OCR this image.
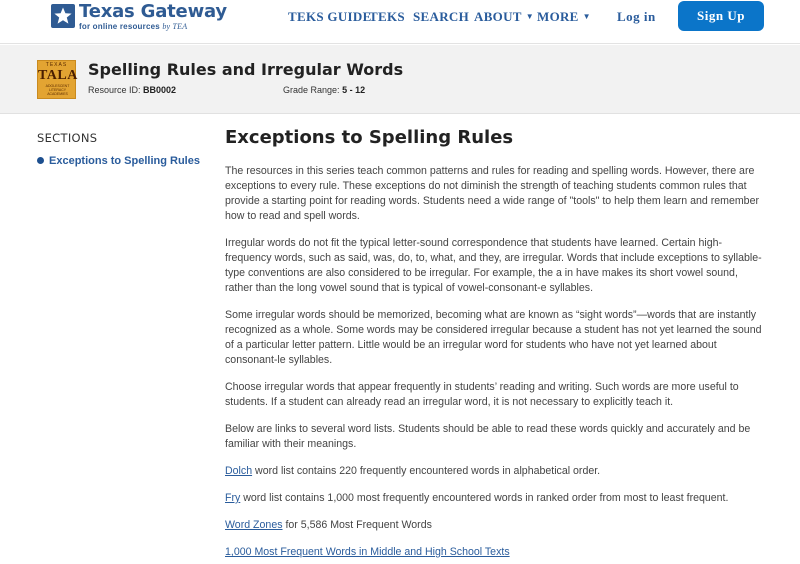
Texas Gateway
for online resources by TEA
TEKS GUIDE
TEKS SEARCH ABOUT ▼ MORE ▼ Log in	Sign Up
TEXAS
TALA
ADOLESCENT LITERACY ACADEMIES
Spelling Rules and Irregular Words
Resource ID: BB0002	Grade Range: 5 - 12
SECTIONS
Exceptions to Spelling Rules
Exceptions to Spelling Rules
The resources in this series teach common patterns and rules for reading and spelling words. However, there are exceptions to every rule. These exceptions do not diminish the strength of teaching students common rules that provide a starting point for reading words. Students need a wide range of "tools" to help them learn and remember how to read and spell words.
Irregular words do not fit the typical letter-sound correspondence that students have learned. Certain high-frequency words, such as said, was, do, to, what, and they, are irregular. Words that include exceptions to syllable-type conventions are also considered to be irregular. For example, the a in have makes its short vowel sound, rather than the long vowel sound that is typical of vowel-consonant-e syllables.
Some irregular words should be memorized, becoming what are known as “sight words”—words that are instantly recognized as a whole. Some words may be considered irregular because a student has not yet learned the sound of a particular letter pattern. Little would be an irregular word for students who have not yet learned about consonant-le syllables.
Choose irregular words that appear frequently in students’ reading and writing. Such words are more useful to students. If a student can already read an irregular word, it is not necessary to explicitly teach it.
Below are links to several word lists. Students should be able to read these words quickly and accurately and be familiar with their meanings.
Dolch word list contains 220 frequently encountered words in alphabetical order.
Fry word list contains 1,000 most frequently encountered words in ranked order from most to least frequent.
Word Zones for 5,586 Most Frequent Words
1,000 Most Frequent Words in Middle and High School Texts
